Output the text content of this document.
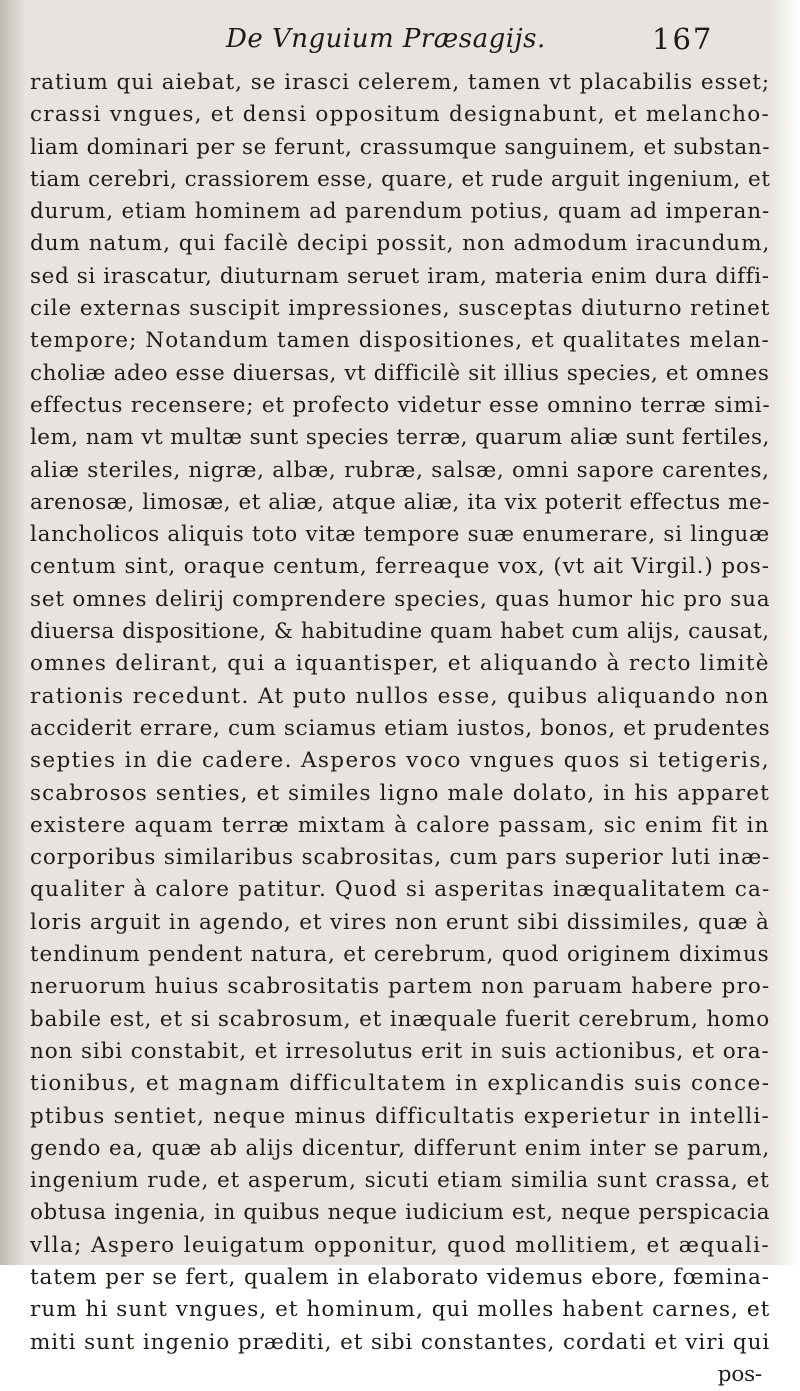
De Vnguium Præsagijs.	167
ratium qui aiebat, se irasci celerem, tamen vt placabilis esset;
crassi vngues, et densi oppositum designabunt, et melancho-
liam dominari per se ferunt, crassumque sanguinem, et substan-
tiam cerebri, crassiorem esse, quare, et rude arguit ingenium, et
durum, etiam hominem ad parendum potius, quam ad imperan-
dum natum, qui facilè decipi possit, non admodum iracundum,
sed si irascatur, diuturnam seruet iram, materia enim dura diffi-
cile externas suscipit impressiones, susceptas diuturno retinet
tempore; Notandum tamen dispositiones, et qualitates melan-
choliæ adeo esse diuersas, vt difficilè sit illius species, et omnes
effectus recensere; et profecto videtur esse omnino terræ simi-
lem, nam vt multæ sunt species terræ, quarum aliæ sunt fertiles,
aliæ steriles, nigræ, albæ, rubræ, salsæ, omni sapore carentes,
arenosæ, limosæ, et aliæ, atque aliæ, ita vix poterit effectus me-
lancholicos aliquis toto vitæ tempore suæ enumerare, si linguæ
centum sint, oraque centum, ferreaque vox, (vt ait Virgil.) pos-
set omnes delirij comprendere species, quas humor hic pro sua
diuersa dispositione, & habitudine quam habet cum alijs, causat,
omnes delirant, qui a iquantisper, et aliquando à recto limitè
rationis recedunt. At puto nullos esse, quibus aliquando non
acciderit errare, cum sciamus etiam iustos, bonos, et prudentes
septies in die cadere. Asperos voco vngues quos si tetigeris,
scabrosos senties, et similes ligno male dolato, in his apparet
existere aquam terræ mixtam à calore passam, sic enim fit in
corporibus similaribus scabrositas, cum pars superior luti inæ-
qualiter à calore patitur. Quod si asperitas inæqualitatem ca-
loris arguit in agendo, et vires non erunt sibi dissimiles, quæ à
tendinum pendent natura, et cerebrum, quod originem diximus
neruorum huius scabrositatis partem non paruam habere pro-
babile est, et si scabrosum, et inæquale fuerit cerebrum, homo
non sibi constabit, et irresolutus erit in suis actionibus, et ora-
tionibus, et magnam difficultatem in explicandis suis conce-
ptibus sentiet, neque minus difficultatis experietur in intelli-
gendo ea, quæ ab alijs dicentur, differunt enim inter se parum,
ingenium rude, et asperum, sicuti etiam similia sunt crassa, et
obtusa ingenia, in quibus neque iudicium est, neque perspicacia
vlla; Aspero leuigatum opponitur, quod mollitiem, et æquali-
tatem per se fert, qualem in elaborato videmus ebore, fœmina-
rum hi sunt vngues, et hominum, qui molles habent carnes, et
miti sunt ingenio præditi, et sibi constantes, cordati et viri qui
pos-
